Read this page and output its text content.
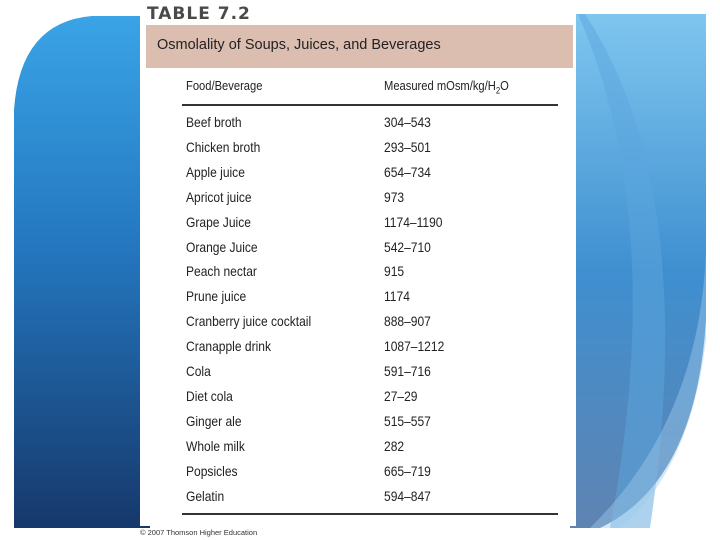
TABLE 7.2
Osmolality of Soups, Juices, and Beverages
Food/Beverage	Measured mOsm/$kg/H_2O$
Beef broth	304–543
Chicken broth	293–501
Apple juice	654–734
Apricot juice	973
Grape Juice	1174–1190
Orange Juice	542–710
Peach nectar	915
Prune juice	1174
Cranberry juice cocktail	888–907
Cranapple drink	1087–1212
Cola	591–716
Diet cola	27–29
Ginger ale	515–557
Whole milk	282
Popsicles	665–719
Gelatin	594–847
© 2007 Thomson Higher Education
